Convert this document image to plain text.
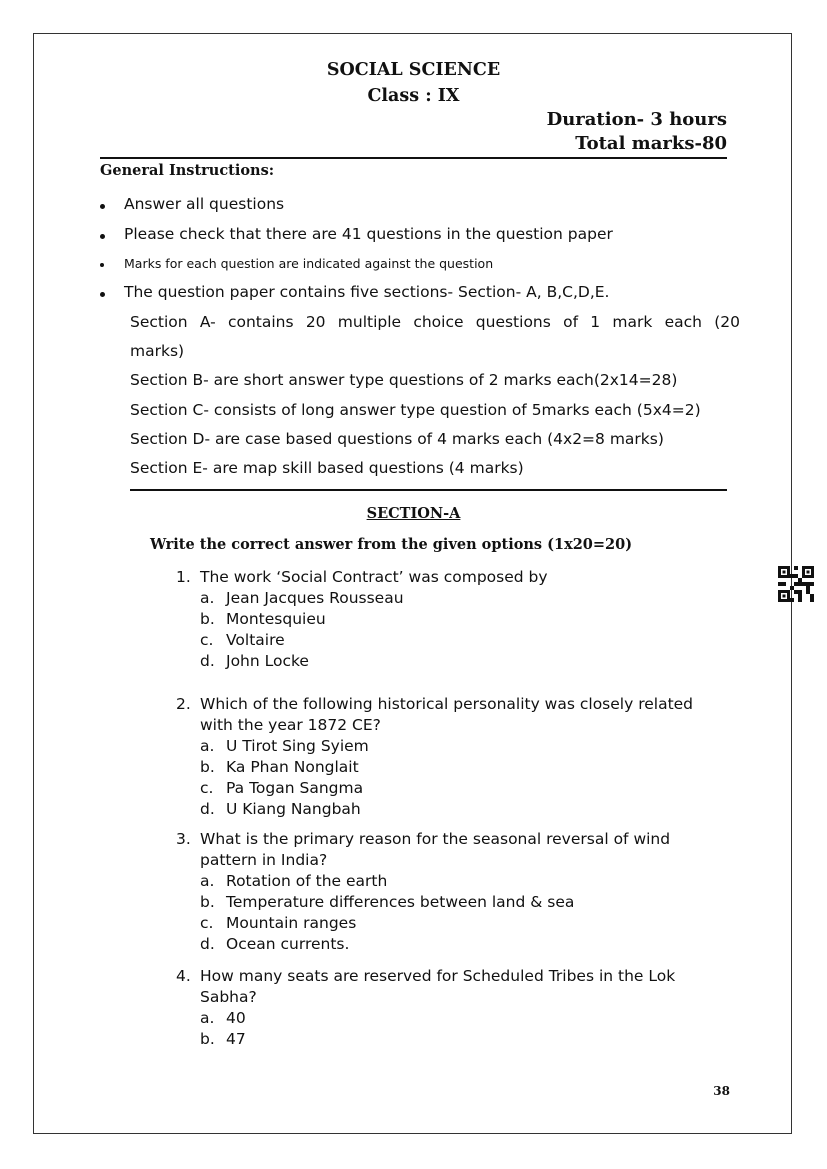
SOCIAL SCIENCE
Class : IX
Duration- 3 hours
Total marks-80
General Instructions:
Answer all questions
Please check that there are 41 questions in the question paper
Marks for each question are indicated against the question
The question paper contains five sections- Section- A, B,C,D,E.
Section A- contains 20 multiple choice questions of 1 mark each (20
marks)
Section B- are short answer type questions of 2 marks each(2x14=28)
Section C- consists of long answer type question of 5marks each (5x4=2)
Section D- are case based questions of 4 marks each (4x2=8 marks)
Section E- are map skill based questions (4 marks)
SECTION-A
Write the correct answer from the given options (1x20=20)
1. The work ‘Social Contract’ was composed by
a. Jean Jacques Rousseau
b. Montesquieu
c. Voltaire
d. John Locke
2. Which of the following historical personality was closely related
with the year 1872 CE?
a. U Tirot Sing Syiem
b. Ka Phan Nonglait
c. Pa Togan Sangma
d. U Kiang Nangbah
3. What is the primary reason for the seasonal reversal of wind
pattern in India?
a. Rotation of the earth
b. Temperature differences between land & sea
c. Mountain ranges
d. Ocean currents.
4. How many seats are reserved for Scheduled Tribes in the Lok
Sabha?
a. 40
b. 47
38
